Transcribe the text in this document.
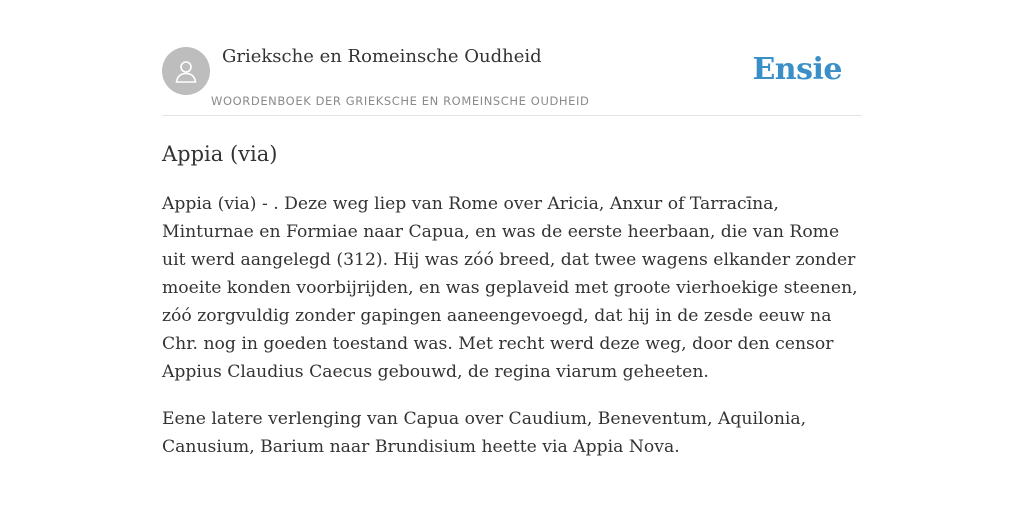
Grieksche en Romeinsche Oudheid
WOORDENBOEK DER GRIEKSCHE EN ROMEINSCHE OUDHEID
Ensie
Appia (via)

Appia (via) - . Deze weg liep van Rome over Aricia, Anxur of Tarracīna, Minturnae en Formiae naar Capua, en was de eerste heerbaan, die van Rome uit werd aangelegd (312). Hij was zóó breed, dat twee wagens elkander zonder moeite konden voorbijrijden, en was geplaveid met groote vierhoekige steenen, zóó zorgvuldig zonder gapingen aaneengevoegd, dat hij in de zesde eeuw na Chr. nog in goeden toestand was. Met recht werd deze weg, door den censor Appius Claudius Caecus gebouwd, de regina viarum geheeten.

Eene latere verlenging van Capua over Caudium, Beneventum, Aquilonia, Canusium, Barium naar Brundisium heette via Appia Nova.
